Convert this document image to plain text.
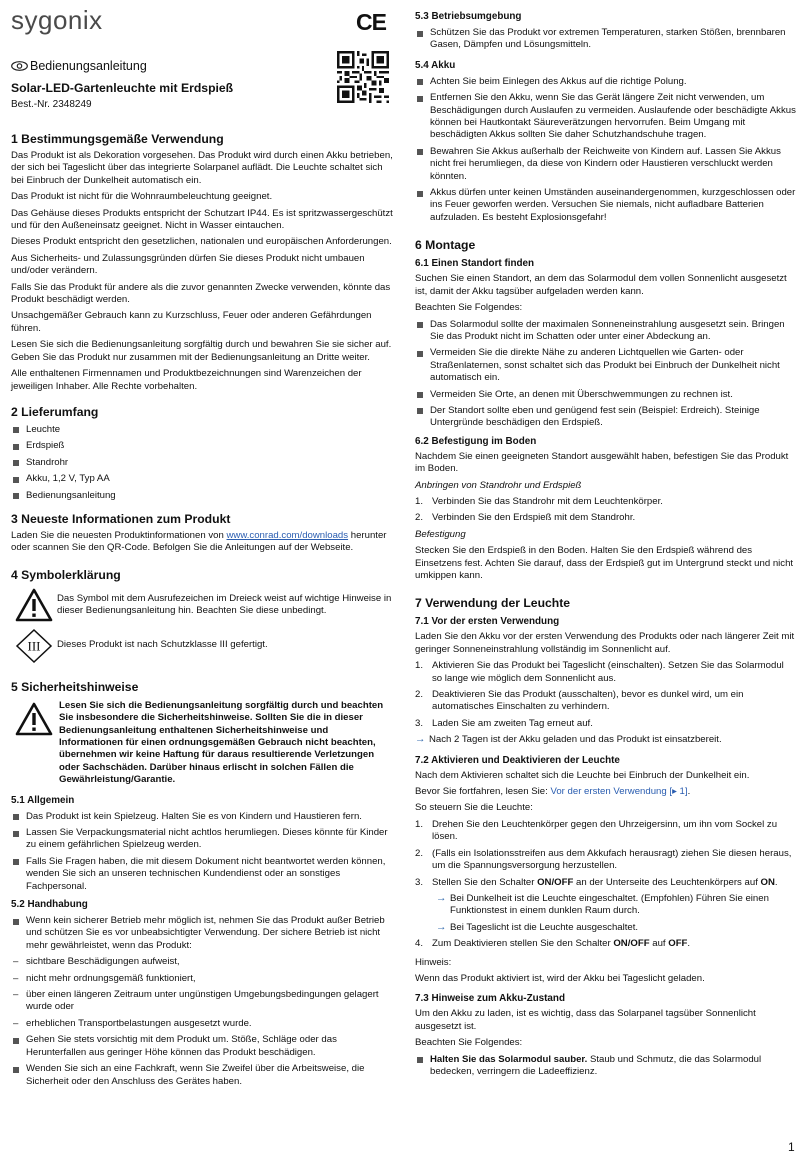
sygonix	CE
Bedienungsanleitung
Solar-LED-Gartenleuchte mit Erdspieß
Best.-Nr. 2348249
1 Bestimmungsgemäße Verwendung

Das Produkt ist als Dekoration vorgesehen. Das Produkt wird durch einen Akku betrieben, der sich bei Tageslicht über das integrierte Solarpanel auflädt. Die Leuchte schaltet sich bei Einbruch der Dunkelheit automatisch ein.

Das Produkt ist nicht für die Wohnraumbeleuchtung geeignet.

Das Gehäuse dieses Produkts entspricht der Schutzart IP44. Es ist spritzwassergeschützt und für den Außeneinsatz geeignet. Nicht in Wasser eintauchen.

Dieses Produkt entspricht den gesetzlichen, nationalen und europäischen Anforderungen.

Aus Sicherheits- und Zulassungsgründen dürfen Sie dieses Produkt nicht umbauen und/oder verändern.

Falls Sie das Produkt für andere als die zuvor genannten Zwecke verwenden, könnte das Produkt beschädigt werden.

Unsachgemäßer Gebrauch kann zu Kurzschluss, Feuer oder anderen Gefährdungen führen.

Lesen Sie sich die Bedienungsanleitung sorgfältig durch und bewahren Sie sie sicher auf. Geben Sie das Produkt nur zusammen mit der Bedienungsanleitung an Dritte weiter.

Alle enthaltenen Firmennamen und Produktbezeichnungen sind Warenzeichen der jeweiligen Inhaber. Alle Rechte vorbehalten.

2 Lieferumfang
Leuchte
Erdspieß
Standrohr
Akku, 1,2 V, Typ AA
Bedienungsanleitung
3 Neueste Informationen zum Produkt

Laden Sie die neuesten Produktinformationen von www.conrad.com/downloads herunter oder scannen Sie den QR-Code. Befolgen Sie die Anleitungen auf der Webseite.

4 Symbolerklärung

Das Symbol mit dem Ausrufezeichen im Dreieck weist auf wichtige Hinweise in dieser Bedienungsanleitung hin. Beachten Sie diese unbedingt.

III Dieses Produkt ist nach Schutzklasse III gefertigt.

5 Sicherheitshinweise

Lesen Sie sich die Bedienungsanleitung sorgfältig durch und beachten Sie insbesondere die Sicherheitshinweise. Sollten Sie die in dieser Bedienungsanleitung enthaltenen Sicherheitshinweise und Informationen für einen ordnungsgemäßen Gebrauch nicht beachten, übernehmen wir keine Haftung für daraus resultierende Verletzungen oder Sachschäden. Darüber hinaus erlischt in solchen Fällen die Gewährleistung/Garantie.

5.1 Allgemein
Das Produkt ist kein Spielzeug. Halten Sie es von Kindern und Haustieren fern.
Lassen Sie Verpackungsmaterial nicht achtlos herumliegen. Dieses könnte für Kinder zu einem gefährlichen Spielzeug werden.
Falls Sie Fragen haben, die mit diesem Dokument nicht beantwortet werden können, wenden Sie sich an unseren technischen Kundendienst oder an sonstiges Fachpersonal.
5.2 Handhabung
Wenn kein sicherer Betrieb mehr möglich ist, nehmen Sie das Produkt außer Betrieb und schützen Sie es vor unbeabsichtigter Verwendung. Der sichere Betrieb ist nicht mehr gewährleistet, wenn das Produkt:
– sichtbare Beschädigungen aufweist,
– nicht mehr ordnungsgemäß funktioniert,
– über einen längeren Zeitraum unter ungünstigen Umgebungsbedingungen gelagert wurde oder
– erheblichen Transportbelastungen ausgesetzt wurde.
Gehen Sie stets vorsichtig mit dem Produkt um. Stöße, Schläge oder das Herunterfallen aus geringer Höhe können das Produkt beschädigen.
Wenden Sie sich an eine Fachkraft, wenn Sie Zweifel über die Arbeitsweise, die Sicherheit oder den Anschluss des Gerätes haben.
5.3 Betriebsumgebung
Schützen Sie das Produkt vor extremen Temperaturen, starken Stößen, brennbaren Gasen, Dämpfen und Lösungsmitteln.
5.4 Akku
Achten Sie beim Einlegen des Akkus auf die richtige Polung.
Entfernen Sie den Akku, wenn Sie das Gerät längere Zeit nicht verwenden, um Beschädigungen durch Auslaufen zu vermeiden. Auslaufende oder beschädigte Akkus können bei Hautkontakt Säureverätzungen hervorrufen. Beim Umgang mit beschädigten Akkus sollten Sie daher Schutzhandschuhe tragen.
Bewahren Sie Akkus außerhalb der Reichweite von Kindern auf. Lassen Sie Akkus nicht frei herumliegen, da diese von Kindern oder Haustieren verschluckt werden könnten.
Akkus dürfen unter keinen Umständen auseinandergenommen, kurzgeschlossen oder ins Feuer geworfen werden. Versuchen Sie niemals, nicht aufladbare Batterien aufzuladen. Es besteht Explosionsgefahr!
6 Montage
6.1 Einen Standort finden

Suchen Sie einen Standort, an dem das Solarmodul dem vollen Sonnenlicht ausgesetzt ist, damit der Akku tagsüber aufgeladen werden kann.

Beachten Sie Folgendes:

Das Solarmodul sollte der maximalen Sonneneinstrahlung ausgesetzt sein. Bringen Sie das Produkt nicht im Schatten oder unter einer Abdeckung an.
Vermeiden Sie die direkte Nähe zu anderen Lichtquellen wie Garten- oder Straßenlaternen, sonst schaltet sich das Produkt bei Einbruch der Dunkelheit nicht automatisch ein.
Vermeiden Sie Orte, an denen mit Überschwemmungen zu rechnen ist.
Der Standort sollte eben und genügend fest sein (Beispiel: Erdreich). Steinige Untergründe beschädigen den Erdspieß.
6.2 Befestigung im Boden

Nachdem Sie einen geeigneten Standort ausgewählt haben, befestigen Sie das Produkt im Boden.

Anbringen von Standrohr und Erdspieß

1. Verbinden Sie das Standrohr mit dem Leuchtenkörper.
2. Verbinden Sie den Erdspieß mit dem Standrohr.

Befestigung

Stecken Sie den Erdspieß in den Boden. Halten Sie den Erdspieß während des Einsetzens fest. Achten Sie darauf, dass der Erdspieß gut im Untergrund steckt und nicht umkippen kann.

7 Verwendung der Leuchte
7.1 Vor der ersten Verwendung

Laden Sie den Akku vor der ersten Verwendung des Produkts oder nach längerer Zeit mit geringer Sonneneinstrahlung vollständig im Sonnenlicht auf.

1. Aktivieren Sie das Produkt bei Tageslicht (einschalten). Setzen Sie das Solarmodul so lange wie möglich dem Sonnenlicht aus.
2. Deaktivieren Sie das Produkt (ausschalten), bevor es dunkel wird, um ein automatisches Einschalten zu verhindern.
3. Laden Sie am zweiten Tag erneut auf.
→ Nach 2 Tagen ist der Akku geladen und das Produkt ist einsatzbereit.
7.2 Aktivieren und Deaktivieren der Leuchte

Nach dem Aktivieren schaltet sich die Leuchte bei Einbruch der Dunkelheit ein.

Bevor Sie fortfahren, lesen Sie: Vor der ersten Verwendung [▸ 1].

So steuern Sie die Leuchte:

1. Drehen Sie den Leuchtenkörper gegen den Uhrzeigersinn, um ihn vom Sockel zu lösen.
2. (Falls ein Isolationsstreifen aus dem Akkufach herausragt) ziehen Sie diesen heraus, um die Spannungsversorgung herzustellen.
3. Stellen Sie den Schalter ON/OFF an der Unterseite des Leuchtenkörpers auf ON.
→ Bei Dunkelheit ist die Leuchte eingeschaltet. (Empfohlen) Führen Sie einen Funktionstest in einem dunklen Raum durch.
→ Bei Tageslicht ist die Leuchte ausgeschaltet.
4. Zum Deaktivieren stellen Sie den Schalter ON/OFF auf OFF.

Hinweis:

Wenn das Produkt aktiviert ist, wird der Akku bei Tageslicht geladen.

7.3 Hinweise zum Akku-Zustand

Um den Akku zu laden, ist es wichtig, dass das Solarpanel tagsüber Sonnenlicht ausgesetzt ist.

Beachten Sie Folgendes:

Halten Sie das Solarmodul sauber. Staub und Schmutz, die das Solarmodul bedecken, verringern die Ladeeffizienz.
1
